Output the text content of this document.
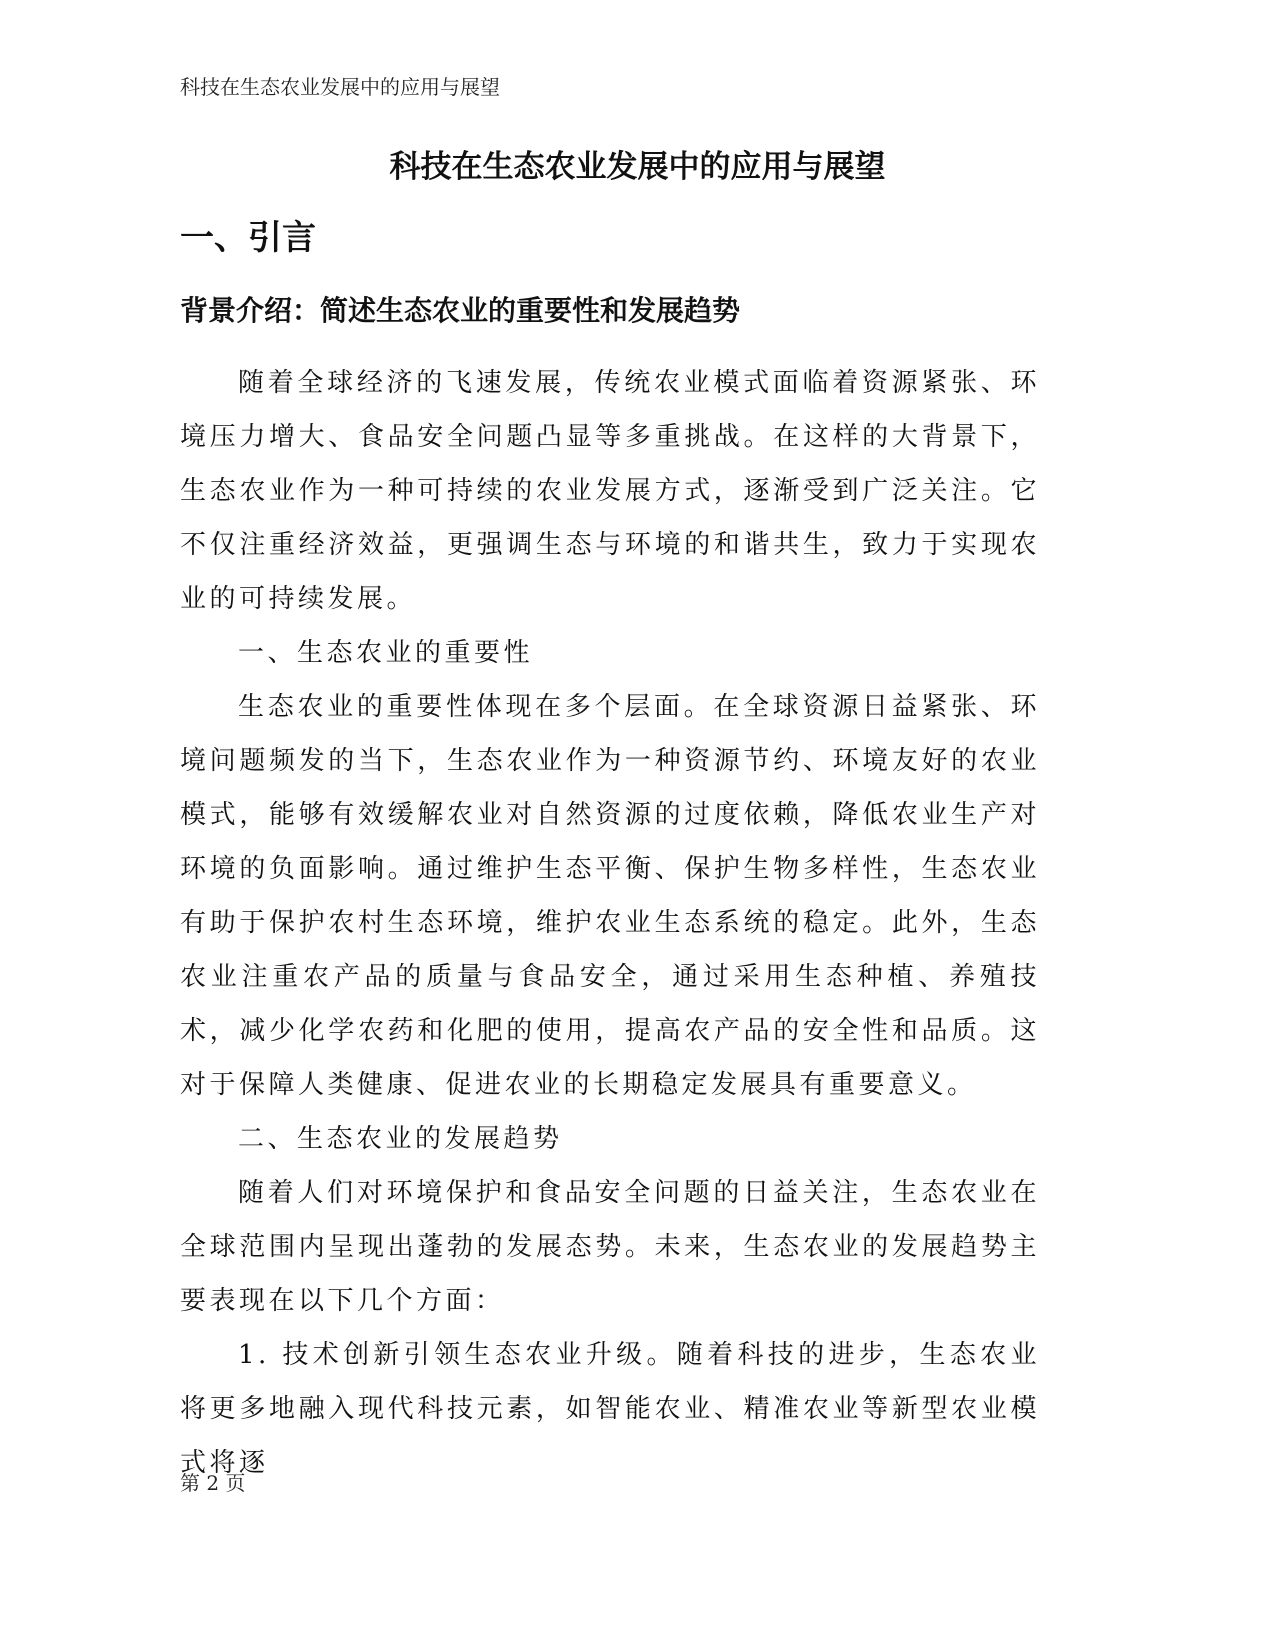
科技在生态农业发展中的应用与展望
科技在生态农业发展中的应用与展望
一、引言
背景介绍：简述生态农业的重要性和发展趋势

随着全球经济的飞速发展，传统农业模式面临着资源紧张、环境压力增大、食品安全问题凸显等多重挑战。在这样的大背景下，生态农业作为一种可持续的农业发展方式，逐渐受到广泛关注。它不仅注重经济效益，更强调生态与环境的和谐共生，致力于实现农业的可持续发展。

一、生态农业的重要性

生态农业的重要性体现在多个层面。在全球资源日益紧张、环境问题频发的当下，生态农业作为一种资源节约、环境友好的农业模式，能够有效缓解农业对自然资源的过度依赖，降低农业生产对环境的负面影响。通过维护生态平衡、保护生物多样性，生态农业有助于保护农村生态环境，维护农业生态系统的稳定。此外，生态农业注重农产品的质量与食品安全，通过采用生态种植、养殖技术，减少化学农药和化肥的使用，提高农产品的安全性和品质。这对于保障人类健康、促进农业的长期稳定发展具有重要意义。

二、生态农业的发展趋势

随着人们对环境保护和食品安全问题的日益关注，生态农业在全球范围内呈现出蓬勃的发展态势。未来，生态农业的发展趋势主要表现在以下几个方面：

1. 技术创新引领生态农业升级。随着科技的进步，生态农业将更多地融入现代科技元素，如智能农业、精准农业等新型农业模式将逐

第 2 页
